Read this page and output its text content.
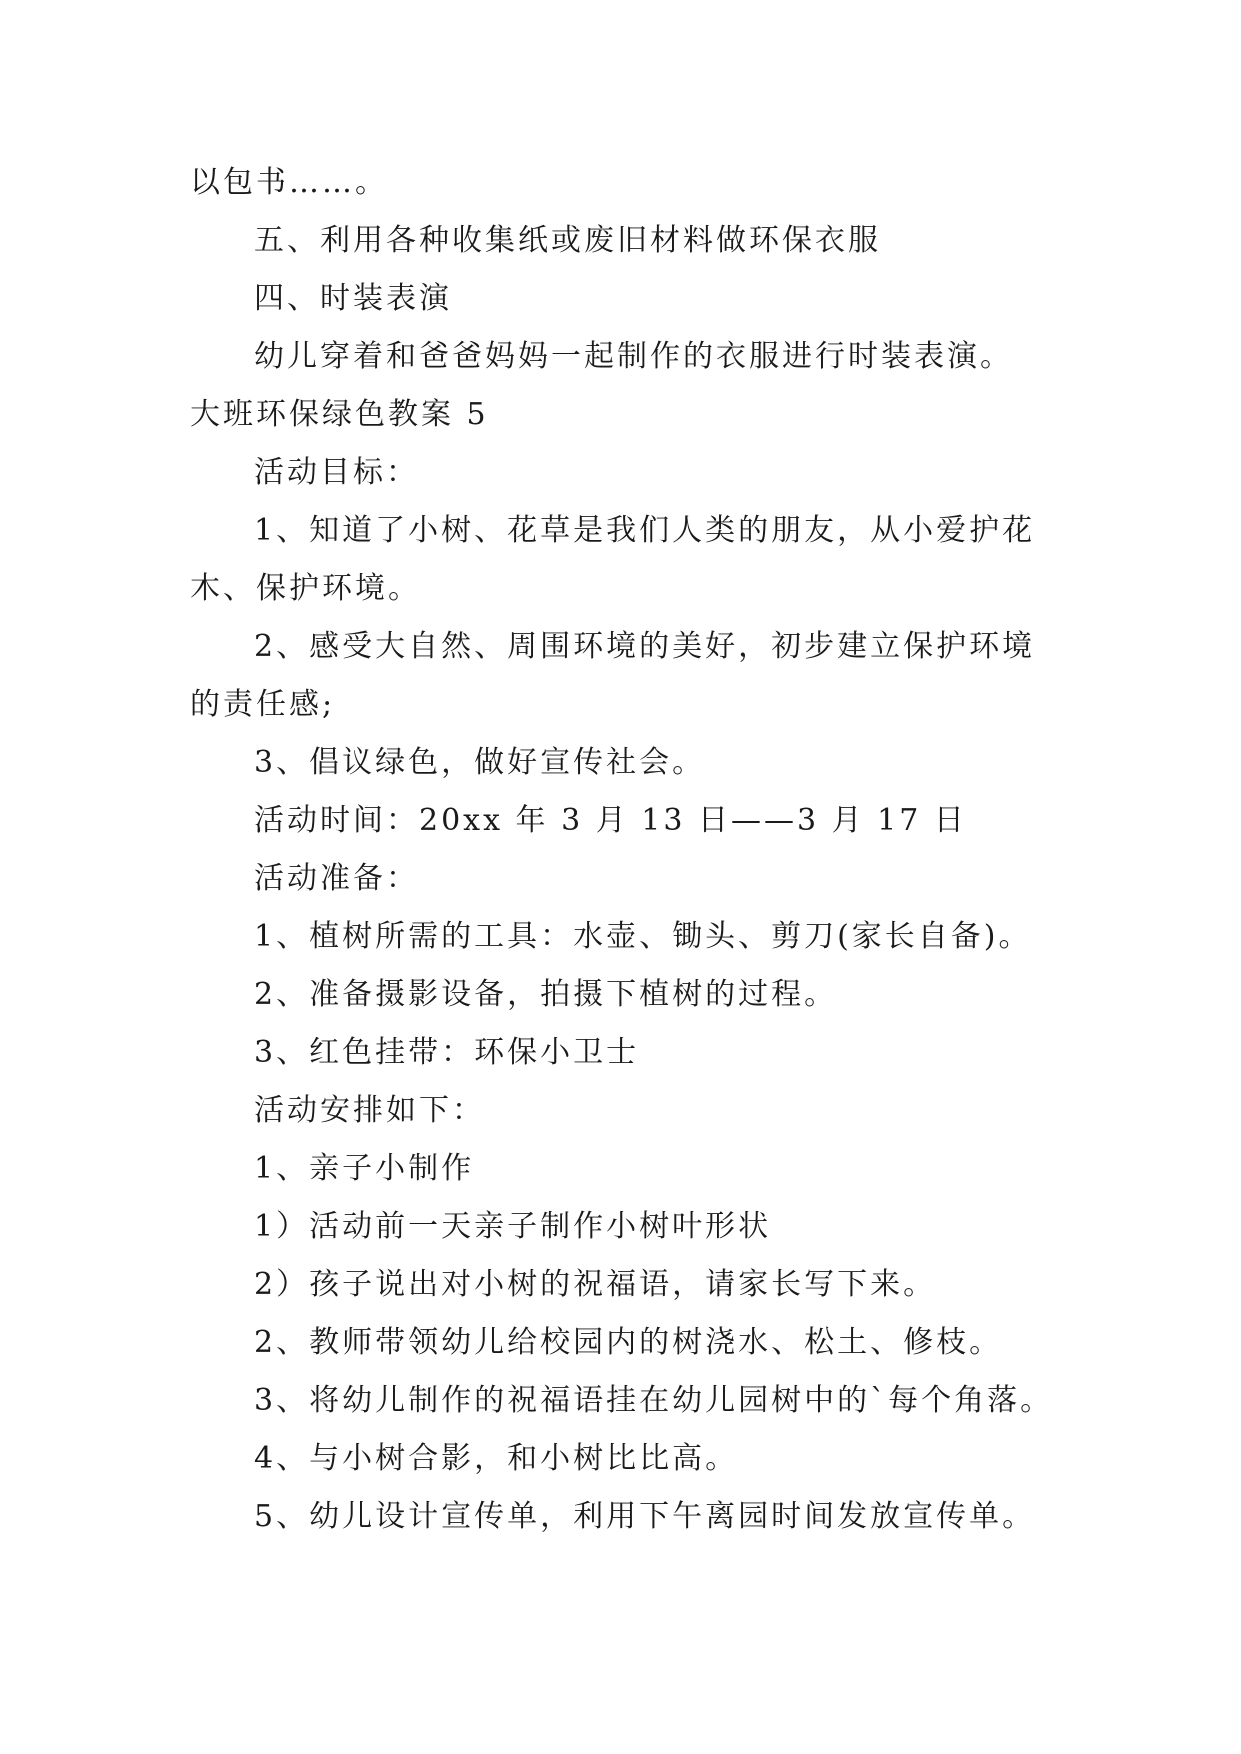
以包书……。
五、利用各种收集纸或废旧材料做环保衣服
四、时装表演
幼儿穿着和爸爸妈妈一起制作的衣服进行时装表演。
大班环保绿色教案 5
活动目标：
1、知道了小树、花草是我们人类的朋友，从小爱护花
木、保护环境。
2、感受大自然、周围环境的美好，初步建立保护环境
的责任感;
3、倡议绿色，做好宣传社会。
活动时间：20xx 年 3 月 13 日——3 月 17 日
活动准备：
1、植树所需的工具：水壶、锄头、剪刀(家长自备)。
2、准备摄影设备，拍摄下植树的过程。
3、红色挂带：环保小卫士
活动安排如下：
1、亲子小制作
1）活动前一天亲子制作小树叶形状
2）孩子说出对小树的祝福语，请家长写下来。
2、教师带领幼儿给校园内的树浇水、松土、修枝。
3、将幼儿制作的祝福语挂在幼儿园树中的`每个角落。
4、与小树合影，和小树比比高。
5、幼儿设计宣传单，利用下午离园时间发放宣传单。
